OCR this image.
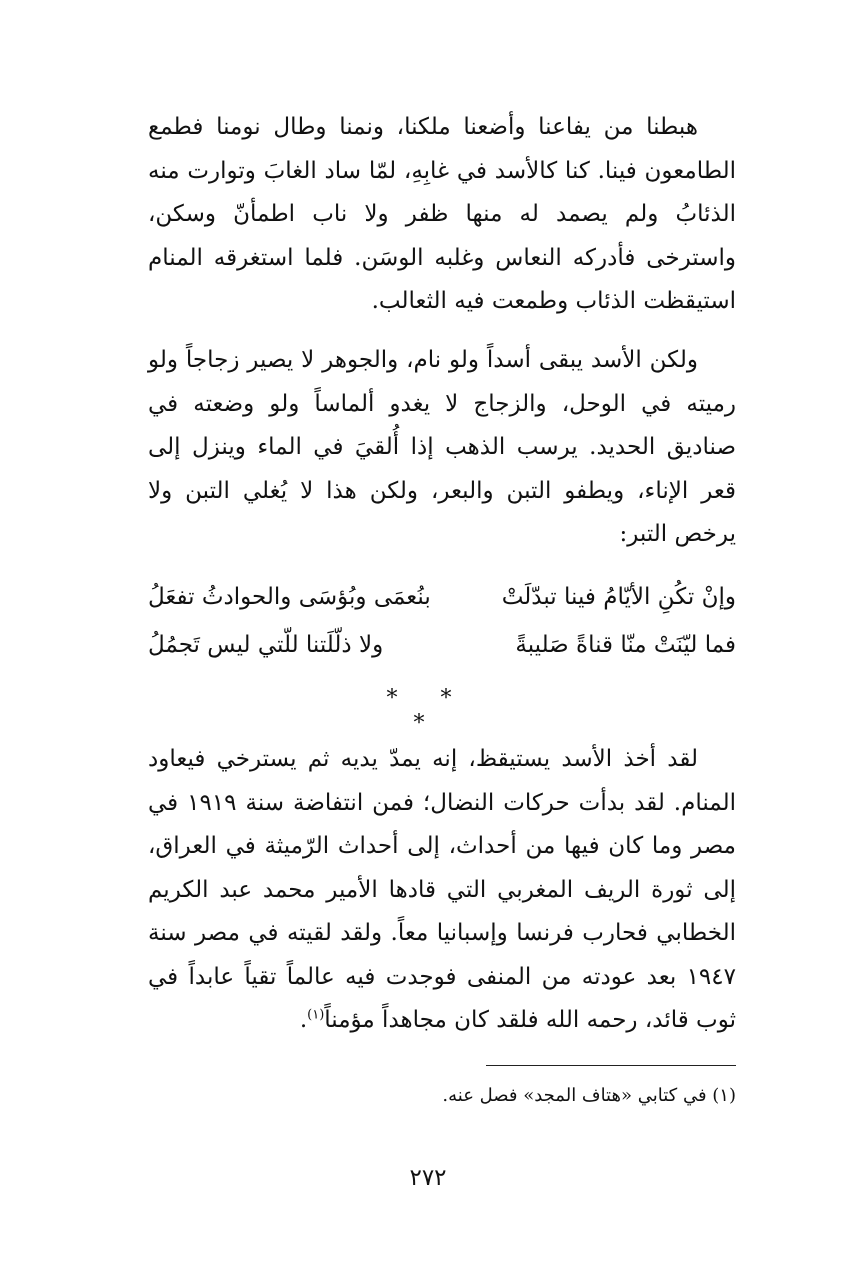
هبطنا من يفاعنا وأضعنا ملكنا، ونمنا وطال نومنا فطمع الطامعون فينا. كنا كالأسد في غابِهِ، لمّا ساد الغابَ وتوارت منه الذئابُ ولم يصمد له منها ظفر ولا ناب اطمأنّ وسكن، واسترخى فأدركه النعاس وغلبه الوسَن. فلما استغرقه المنام استيقظت الذئاب وطمعت فيه الثعالب.

ولكن الأسد يبقى أسداً ولو نام، والجوهر لا يصير زجاجاً ولو رميته في الوحل، والزجاج لا يغدو ألماساً ولو وضعته في صناديق الحديد. يرسب الذهب إذا أُلقيَ في الماء وينزل إلى قعر الإناء، ويطفو التبن والبعر، ولكن هذا لا يُغلي التبن ولا يرخص التبر:

وإنْ تكُنِ الأيّامُ فينا تبدّلَتْ
بنُعمَى وبُؤسَى والحوادثُ تفعَلُ
فما ليّنَتْ منّا قناةً صَليبةً
ولا ذلّلَتنا للّتي ليس تَجمُلُ

لقد أخذ الأسد يستيقظ، إنه يمدّ يديه ثم يسترخي فيعاود المنام. لقد بدأت حركات النضال؛ فمن انتفاضة سنة ١٩١٩ في مصر وما كان فيها من أحداث، إلى أحداث الرّميثة في العراق، إلى ثورة الريف المغربي التي قادها الأمير محمد عبد الكريم الخطابي فحارب فرنسا وإسبانيا معاً. ولقد لقيته في مصر سنة ١٩٤٧ بعد عودته من المنفى فوجدت فيه عالماً تقياً عابداً في ثوب قائد، رحمه الله فلقد كان مجاهداً مؤمناً$^{(١)}$.

* * *
(١) في كتابي «هتاف المجد» فصل عنه.
٢٧٢
